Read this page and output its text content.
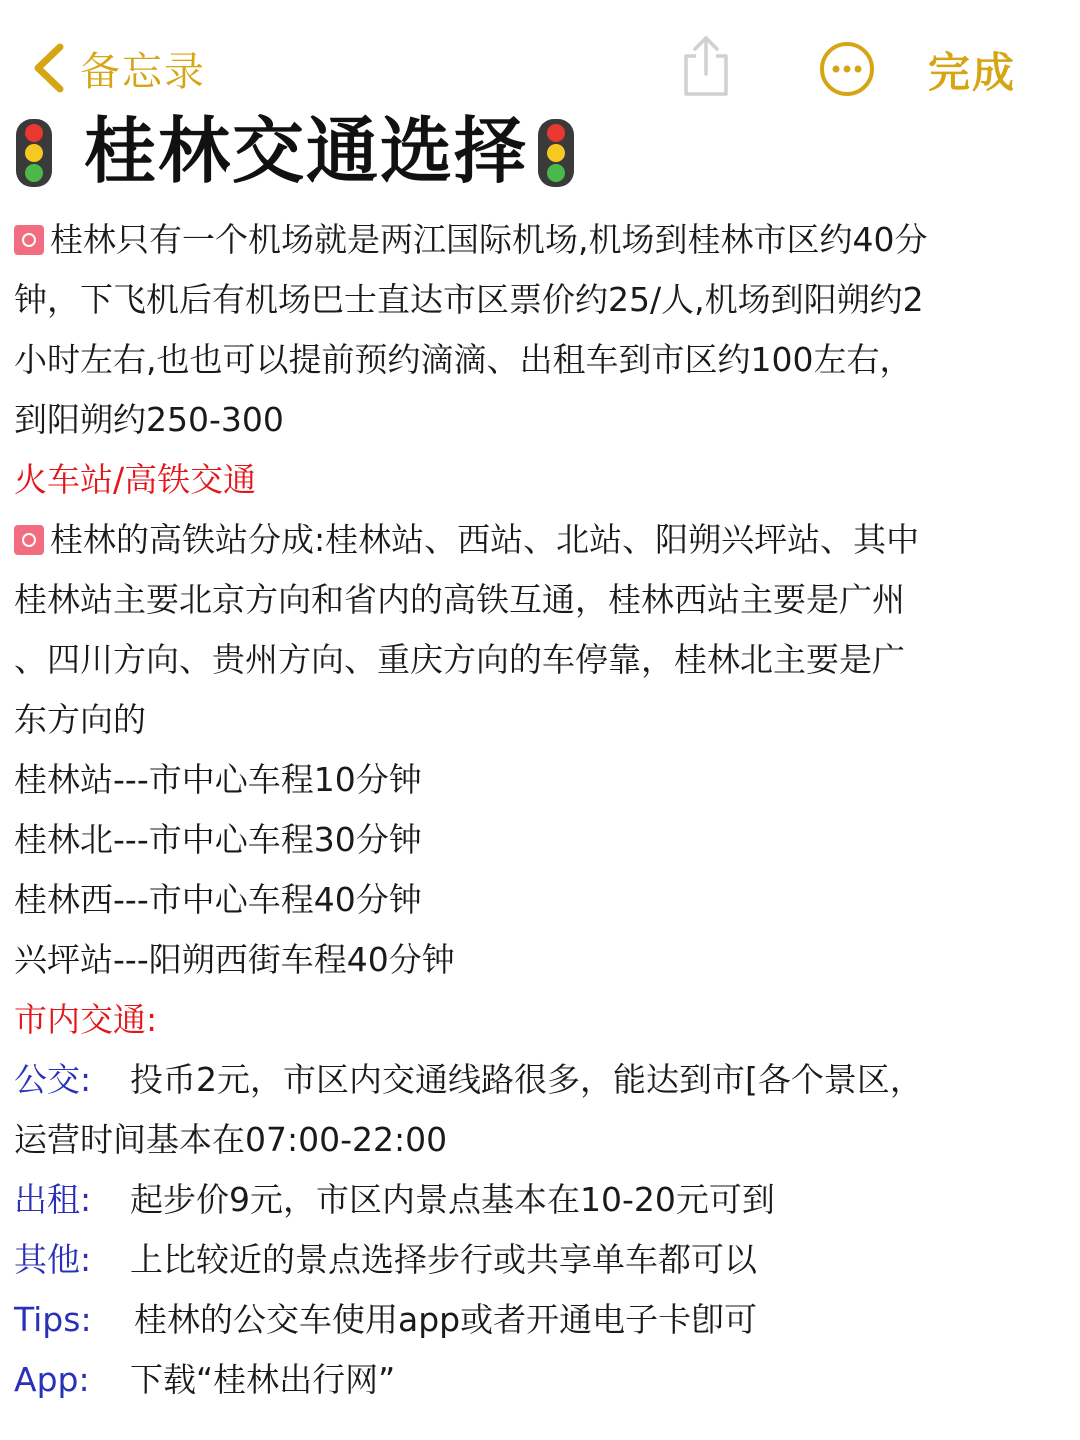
备忘录	完成
桂林交通选择
桂林只有一个机场就是两江国际机场,机场到桂林市区约40分
钟，下飞机后有机场巴士直达市区票价约25/人,机场到阳朔约2
小时左右,也也可以提前预约滴滴、出租车到市区约100左右，
到阳朔约250-300
火车站/高铁交通
桂林的高铁站分成:桂林站、西站、北站、阳朔兴坪站、其中
桂林站主要北京方向和省内的高铁互通，桂林西站主要是广州
、四川方向、贵州方向、重庆方向的车停靠，桂林北主要是广
东方向的
桂林站---市中心车程10分钟
桂林北---市中心车程30分钟
桂林西---市中心车程40分钟
兴坪站---阳朔西街车程40分钟
市内交通:
公交: 投币2元，市区内交通线路很多，能达到市[各个景区，
运营时间基本在07:00-22:00
出租: 起步价9元，市区内景点基本在10-20元可到
其他: 上比较近的景点选择步行或共享单车都可以
Tips: 桂林的公交车使用app或者开通电子卡卽可
App: 下载“桂林出行网”
